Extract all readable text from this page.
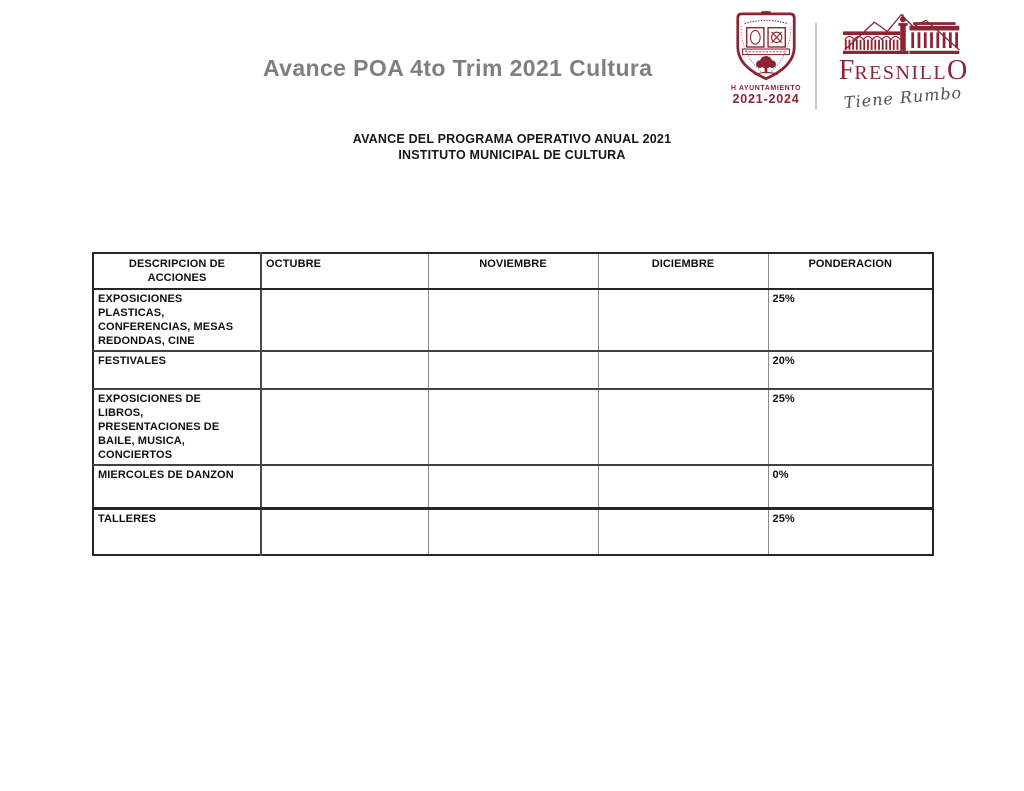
Avance POA 4to Trim 2021 Cultura
H AYUNTAMIENTO
2021-2024
FRESNILLO
Tiene Rumbo
AVANCE DEL PROGRAMA OPERATIVO ANUAL 2021
INSTITUTO MUNICIPAL DE CULTURA
DESCRIPCION DE ACCIONES	OCTUBRE	NOVIEMBRE	DICIEMBRE	PONDERACION
EXPOSICIONES PLASTICAS, CONFERENCIAS, MESAS REDONDAS, CINE				25%
FESTIVALES				20%
EXPOSICIONES DE LIBROS, PRESENTACIONES DE BAILE, MUSICA, CONCIERTOS				25%
MIERCOLES DE DANZON				0%
TALLERES				25%
